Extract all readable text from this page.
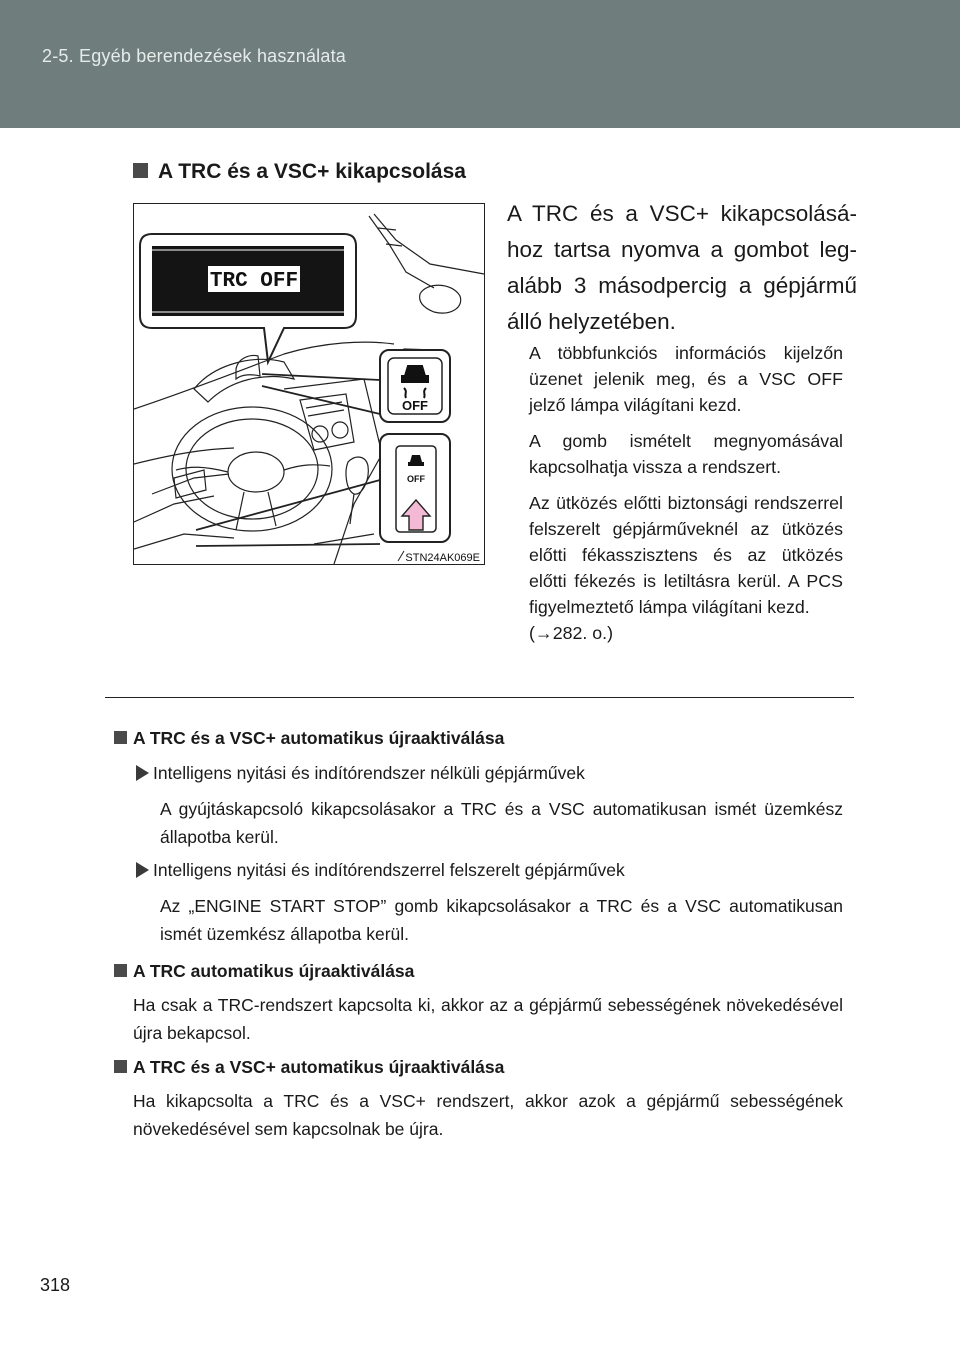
2-5. Egyéb berendezések használata
A TRC és a VSC+ kikapcsolása
TRC OFF
OFF
OFF
STN24AK069E
A TRC és a VSC+ kikapcsolásához tartsa nyomva a gombot legalább 3 másodpercig a gépjármű álló helyzetében.
A többfunkciós információs kijelzőn üzenet jelenik meg, és a VSC OFF jelző lámpa világítani kezd.
A gomb ismételt megnyomásával kapcsolhatja vissza a rendszert.
Az ütközés előtti biztonsági rendszerrel felszerelt gépjárműveknél az ütközés előtti fékasszisztens és az ütközés előtti fékezés is letiltásra kerül. A PCS figyelmeztető lámpa világítani kezd.
(→282. o.)
A TRC és a VSC+ automatikus újraaktiválása
Intelligens nyitási és indítórendszer nélküli gépjárművek
A gyújtáskapcsoló kikapcsolásakor a TRC és a VSC automatikusan ismét üzemkész állapotba kerül.
Intelligens nyitási és indítórendszerrel felszerelt gépjárművek
Az „ENGINE START STOP” gomb kikapcsolásakor a TRC és a VSC automatikusan ismét üzemkész állapotba kerül.
A TRC automatikus újraaktiválása
Ha csak a TRC-rendszert kapcsolta ki, akkor az a gépjármű sebességének növekedésével újra bekapcsol.
A TRC és a VSC+ automatikus újraaktiválása
Ha kikapcsolta a TRC és a VSC+ rendszert, akkor azok a gépjármű sebességének növekedésével sem kapcsolnak be újra.
318
